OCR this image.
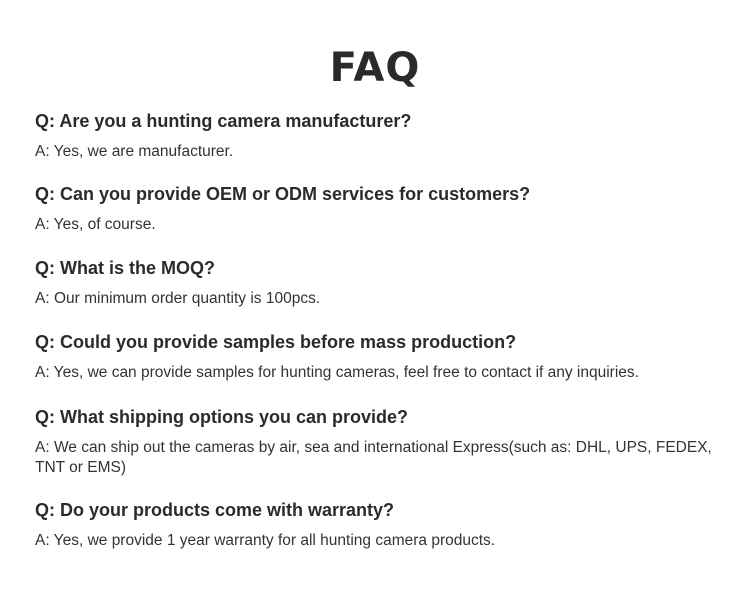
FAQ
Q: Are you a hunting camera manufacturer?
A: Yes, we are manufacturer.
Q: Can you provide OEM or ODM services for customers?
A: Yes, of course.
Q: What is the MOQ?
A: Our minimum order quantity is 100pcs.
Q: Could you provide samples before mass production?
A: Yes, we can provide samples for hunting cameras, feel free to contact if any inquiries.
Q: What shipping options you can provide?
A: We can ship out the cameras by air, sea and international Express(such as: DHL, UPS, FEDEX, TNT or EMS)
Q: Do your products come with warranty?
A: Yes, we provide 1 year warranty for all hunting camera products.
